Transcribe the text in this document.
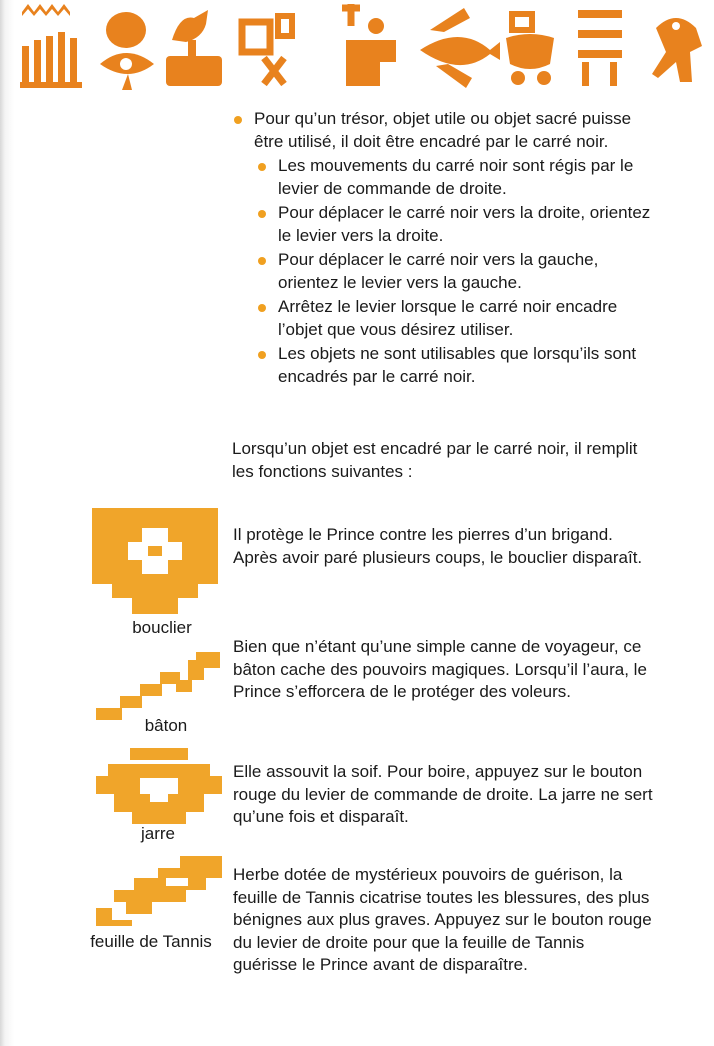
Pour qu’un trésor, objet utile ou objet sacré puisse être utilisé, il doit être encadré par le carré noir.
Les mouvements du carré noir sont régis par le levier de commande de droite.
Pour déplacer le carré noir vers la droite, orientez le levier vers la droite.
Pour déplacer le carré noir vers la gauche, orientez le levier vers la gauche.
Arrêtez le levier lorsque le carré noir encadre l’objet que vous désirez utiliser.
Les objets ne sont utilisables que lorsqu’ils sont encadrés par le carré noir.
Lorsqu’un objet est encadré par le carré noir, il remplit les fonctions suivantes :
bouclier
Il protège le Prince contre les pierres d’un brigand. Après avoir paré plusieurs coups, le bouclier disparaît.
bâton
Bien que n’étant qu’une simple canne de voyageur, ce bâton cache des pouvoirs magiques. Lorsqu’il l’aura, le Prince s’efforcera de le protéger des voleurs.
jarre
Elle assouvit la soif. Pour boire, appuyez sur le bouton rouge du levier de commande de droite. La jarre ne sert qu’une fois et disparaît.
feuille de Tannis
Herbe dotée de mystérieux pouvoirs de guérison, la feuille de Tannis cicatrise toutes les blessures, des plus bénignes aux plus graves. Appuyez sur le bouton rouge du levier de droite pour que la feuille de Tannis guérisse le Prince avant de disparaître.
